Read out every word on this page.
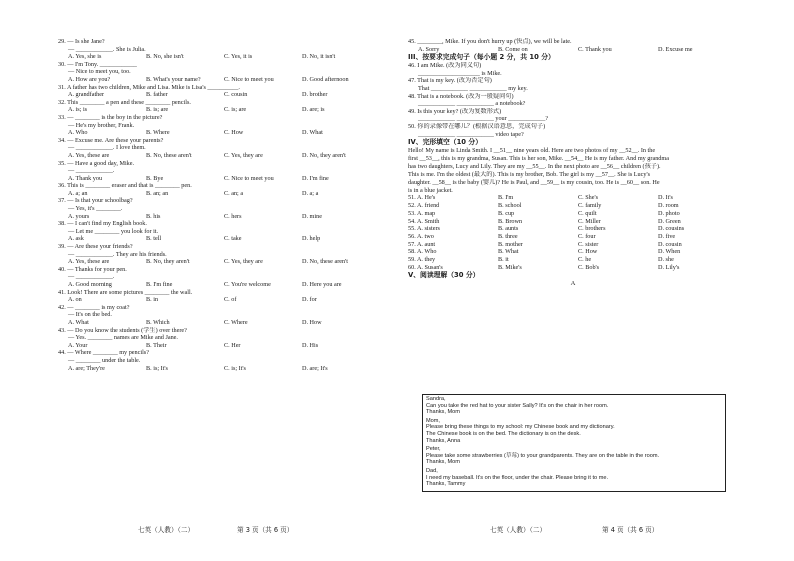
29. — Is she Jane?
— ____________. She is Julia.
A. Yes, she is	B. No, she isn't	C. Yes, it is	D. No, it isn't
30. — I'm Tony. ____________
— Nice to meet you, too.
A. How are you?	B. What's your name?	C. Nice to meet you	D. Good afternoon
31. A father has two children, Mike and Lisa. Mike is Lisa's __________.
A. grandfather	B. father	C. cousin	D. brother
32. This ________ a pen and these ________ pencils.
A. is; is	B. is; are	C. is; are	D. are; is
33. — ________ is the boy in the picture?
— He's my brother, Frank.
A. Who	B. Where	C. How	D. What
34. — Excuse me. Are these your parents?
— ____________. I love them.
A. Yes, these are	B. No, these aren't	C. Yes, they are	D. No, they aren't
35. — Have a good day, Mike.
— ____________.
A. Thank you	B. Bye	C. Nice to meet you	D. I'm fine
36. This is ________ eraser and that is ________ pen.
A. a; an	B. an; an	C. an; a	D. a; a
37. — Is that your schoolbag?
— Yes, it's ________.
A. yours	B. his	C. hers	D. mine
38. — I can't find my English book.
— Let me ________ you look for it.
A. ask	B. tell	C. take	D. help
39. — Are these your friends?
— ____________. They are his friends.
A. Yes, these are	B. No, they aren't	C. Yes, they are	D. No, these aren't
40. — Thanks for your pen.
— ____________.
A. Good morning	B. I'm fine	C. You're welcome	D. Here you are
41. Look! There are some pictures ________ the wall.
A. on	B. in	C. of	D. for
42. — ________ is my coat?
— It's on the bed.
A. What	B. Which	C. Where	D. How
43. — Do you know the students (学生) over there?
— Yes. ________ names are Mike and Jane.
A. Your	B. Their	C. Her	D. His
44. — Where ________ my pencils?
— ________ under the table.
A. are; They're	B. is; It's	C. is; It's	D. are; It's
45. ________, Mike. If you don't hurry up (快点), we will be late.
A. Sorry	B. Come on	C. Thank you	D. Excuse me
III、按要求完成句子（每小题 2 分，共 10 分）
46. I am Mike. (改为同义句)
____________________ is Mike.
47. That is my key. (改为否定句)
That ____________ ____________ my key.
48. That is a notebook. (改为一般疑问句)
____________ ____________ a notebook?
49. Is this your key? (改为复数形式)
____________ ____________ your ____________?
50. 你的录像带在哪儿？(根据汉语意思，完成句子)
____________ ____________ video tape?
IV、完形填空（10 分）
Hello! My name is Linda Smith. I __51__ nine years old. Here are two photos of my __52__. In the
first __53__, this is my grandma, Susan. This is her son, Mike. __54__ He is my father. And my grandma
has two daughters, Lucy and Lily. They are my __55__. In the next photo are __56__ children (孩子).
This is me. I'm the oldest (最大的). This is my brother, Bob. The girl is my __57__. She is Lucy's
daughter. __58__ is the baby (婴儿)? He is Paul, and __59__ is my cousin, too. He is __60__ son. He
is in a blue jacket.
51. A. He's	B. I'm	C. She's	D. It's
52. A. friend	B. school	C. family	D. room
53. A. map	B. cup	C. quilt	D. photo
54. A. Smith	B. Brown	C. Miller	D. Green
55. A. sisters	B. aunts	C. brothers	D. cousins
56. A. two	B. three	C. four	D. five
57. A. aunt	B. mother	C. sister	D. cousin
58. A. Who	B. What	C. How	D. When
59. A. they	B. it	C. he	D. she
60. A. Susan's	B. Mike's	C. Bob's	D. Lily's
V、阅读理解（30 分）
A
Sandra,
Can you take the red hat to your sister Sally? It's on the chair in her room.
Thanks, Mom
Mom,
Please bring these things to my school: my Chinese book and my dictionary.
The Chinese book is on the bed. The dictionary is on the desk.
Thanks, Anna
Peter,
Please take some strawberries (草莓) to your grandparents. They are on the table in the room.
Thanks, Mom
Dad,
I need my baseball. It's on the floor, under the chair. Please bring it to me.
Thanks, Tammy
七英（人教）（二）	第 3 页（共 6 页）	七英（人教）（二）	第 4 页（共 6 页）
